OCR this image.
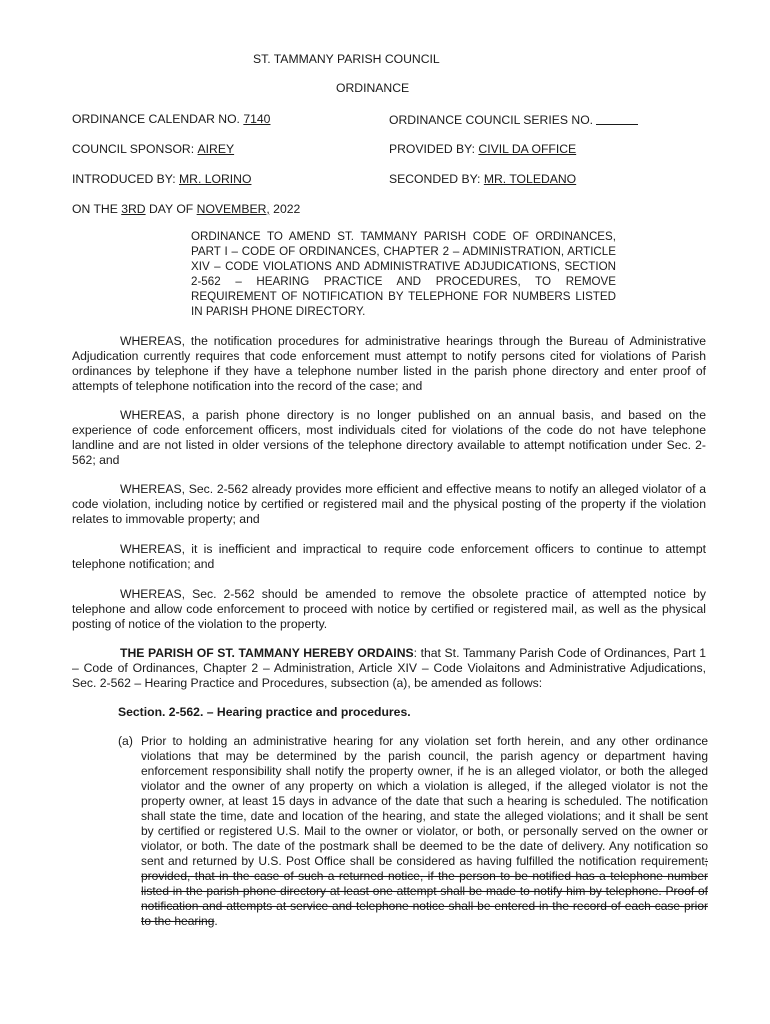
ST. TAMMANY PARISH COUNCIL
ORDINANCE
ORDINANCE CALENDAR NO. 7140	ORDINANCE COUNCIL SERIES NO.
COUNCIL SPONSOR: AIREY	PROVIDED BY: CIVIL DA OFFICE
INTRODUCED BY: MR. LORINO	SECONDED BY: MR. TOLEDANO
ON THE 3RD DAY OF NOVEMBER, 2022
ORDINANCE TO AMEND ST. TAMMANY PARISH CODE OF ORDINANCES, PART I – CODE OF ORDINANCES, CHAPTER 2 – ADMINISTRATION, ARTICLE XIV – CODE VIOLATIONS AND ADMINISTRATIVE ADJUDICATIONS, SECTION 2-562 – HEARING PRACTICE AND PROCEDURES, TO REMOVE REQUIREMENT OF NOTIFICATION BY TELEPHONE FOR NUMBERS LISTED IN PARISH PHONE DIRECTORY.
WHEREAS, the notification procedures for administrative hearings through the Bureau of Administrative Adjudication currently requires that code enforcement must attempt to notify persons cited for violations of Parish ordinances by telephone if they have a telephone number listed in the parish phone directory and enter proof of attempts of telephone notification into the record of the case; and
WHEREAS, a parish phone directory is no longer published on an annual basis, and based on the experience of code enforcement officers, most individuals cited for violations of the code do not have telephone landline and are not listed in older versions of the telephone directory available to attempt notification under Sec. 2-562; and
WHEREAS, Sec. 2-562 already provides more efficient and effective means to notify an alleged violator of a code violation, including notice by certified or registered mail and the physical posting of the property if the violation relates to immovable property; and
WHEREAS, it is inefficient and impractical to require code enforcement officers to continue to attempt telephone notification; and
WHEREAS, Sec. 2-562 should be amended to remove the obsolete practice of attempted notice by telephone and allow code enforcement to proceed with notice by certified or registered mail, as well as the physical posting of notice of the violation to the property.
THE PARISH OF ST. TAMMANY HEREBY ORDAINS: that St. Tammany Parish Code of Ordinances, Part 1 – Code of Ordinances, Chapter 2 – Administration, Article XIV – Code Violaitons and Administrative Adjudications, Sec. 2-562 – Hearing Practice and Procedures, subsection (a), be amended as follows:
Section. 2-562. – Hearing practice and procedures.
(a) Prior to holding an administrative hearing for any violation set forth herein, and any other ordinance violations that may be determined by the parish council, the parish agency or department having enforcement responsibility shall notify the property owner, if he is an alleged violator, or both the alleged violator and the owner of any property on which a violation is alleged, if the alleged violator is not the property owner, at least 15 days in advance of the date that such a hearing is scheduled. The notification shall state the time, date and location of the hearing, and state the alleged violations; and it shall be sent by certified or registered U.S. Mail to the owner or violator, or both, or personally served on the owner or violator, or both. The date of the postmark shall be deemed to be the date of delivery. Any notification so sent and returned by U.S. Post Office shall be considered as having fulfilled the notification requirement; provided, that in the case of such a returned notice, if the person to be notified has a telephone number listed in the parish phone directory at least one attempt shall be made to notify him by telephone. Proof of notification and attempts at service and telephone notice shall be entered in the record of each case prior to the hearing.
